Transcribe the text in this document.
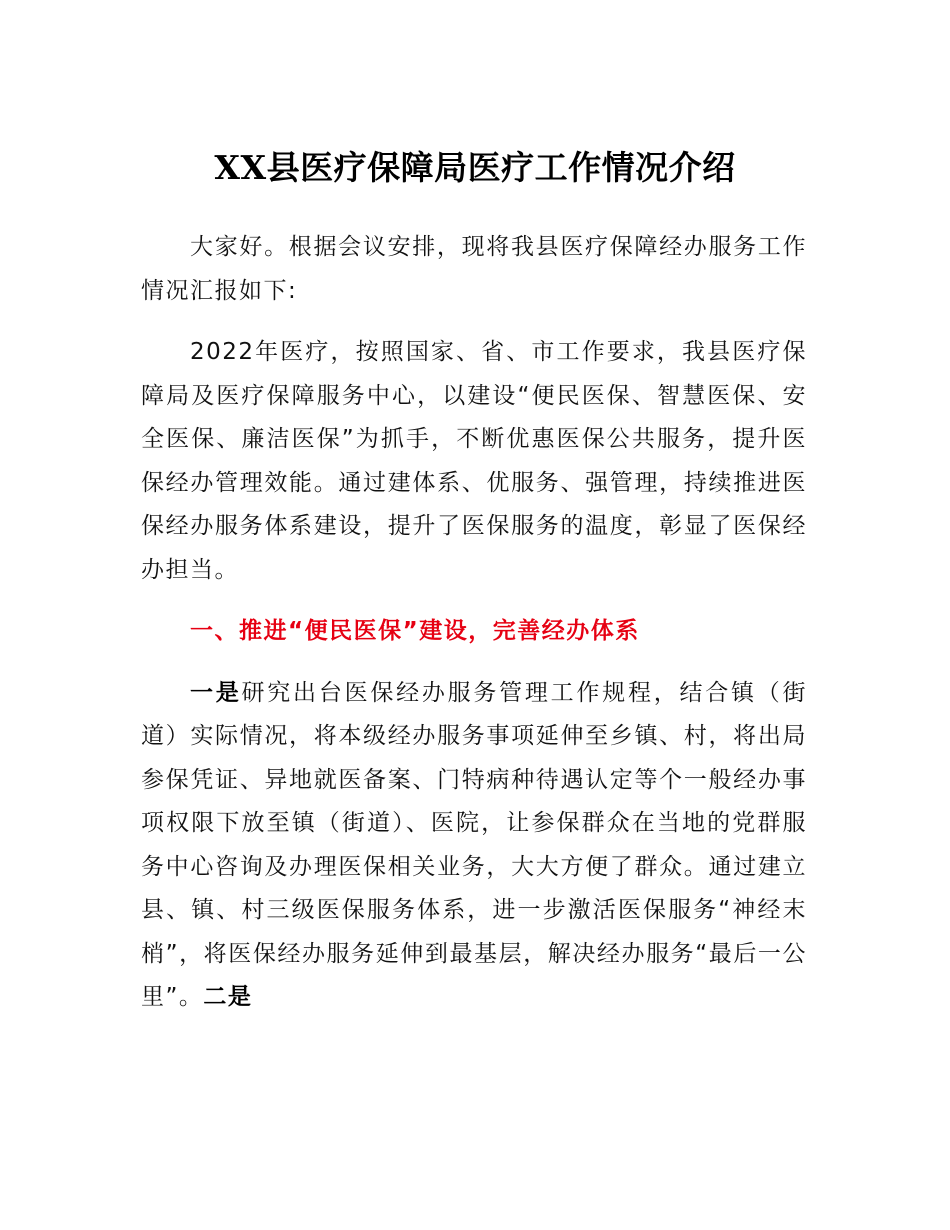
XX县医疗保障局医疗工作情况介绍

大家好。根据会议安排，现将我县医疗保障经办服务工作情况汇报如下:

2022年医疗，按照国家、省、市工作要求，我县医疗保障局及医疗保障服务中心，以建设“便民医保、智慧医保、安全医保、廉洁医保”为抓手，不断优惠医保公共服务，提升医保经办管理效能。通过建体系、优服务、强管理，持续推进医保经办服务体系建设，提升了医保服务的温度，彰显了医保经办担当。

一、推进“便民医保”建设，完善经办体系

一是研究出台医保经办服务管理工作规程，结合镇（街道）实际情况，将本级经办服务事项延伸至乡镇、村，将出局参保凭证、异地就医备案、门特病种待遇认定等个一般经办事项权限下放至镇（街道）、医院，让参保群众在当地的党群服务中心咨询及办理医保相关业务，大大方便了群众。通过建立县、镇、村三级医保服务体系，进一步激活医保服务“神经末梢”，将医保经办服务延伸到最基层，解决经办服务“最后一公里”。二是
